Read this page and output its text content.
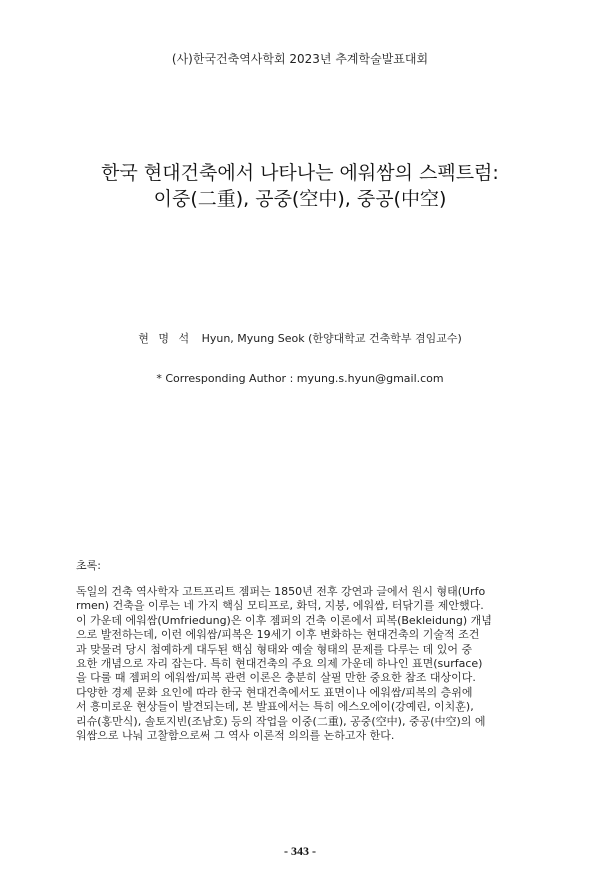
(사)한국건축역사학회 2023년 추계학술발표대회
한국 현대건축에서 나타나는 에워쌈의 스펙트럼:
이중(二重), 공중(空中), 중공(中空)
현 명 석 Hyun, Myung Seok (한양대학교 건축학부 겸임교수)
* Corresponding Author : myung.s.hyun@gmail.com
초록:
독일의 건축 역사학자 고트프리트 젬퍼는 1850년 전후 강연과 글에서 원시 형태(Urfo
rmen) 건축을 이루는 네 가지 핵심 모티프로, 화덕, 지붕, 에워쌈, 터닦기를 제안했다.
이 가운데 에워쌈(Umfriedung)은 이후 젬퍼의 건축 이론에서 피복(Bekleidung) 개념
으로 발전하는데, 이런 에워쌈/피복은 19세기 이후 변화하는 현대건축의 기술적 조건
과 맞물려 당시 첨예하게 대두된 핵심 형태와 예술 형태의 문제를 다루는 데 있어 중
요한 개념으로 자리 잡는다. 특히 현대건축의 주요 의제 가운데 하나인 표면(surface)
을 다룰 때 젬퍼의 에워쌈/피복 관련 이론은 충분히 살필 만한 중요한 참조 대상이다.
다양한 경제 문화 요인에 따라 한국 현대건축에서도 표면이나 에워쌈/피복의 층위에
서 흥미로운 현상들이 발견되는데, 본 발표에서는 특히 에스오에이(강예린, 이치훈),
리슈(홍만식), 솔토지빈(조남호) 등의 작업을 이중(二重), 공중(空中), 중공(中空)의 에
워쌈으로 나눠 고찰함으로써 그 역사 이론적 의의를 논하고자 한다.
- 343 -
